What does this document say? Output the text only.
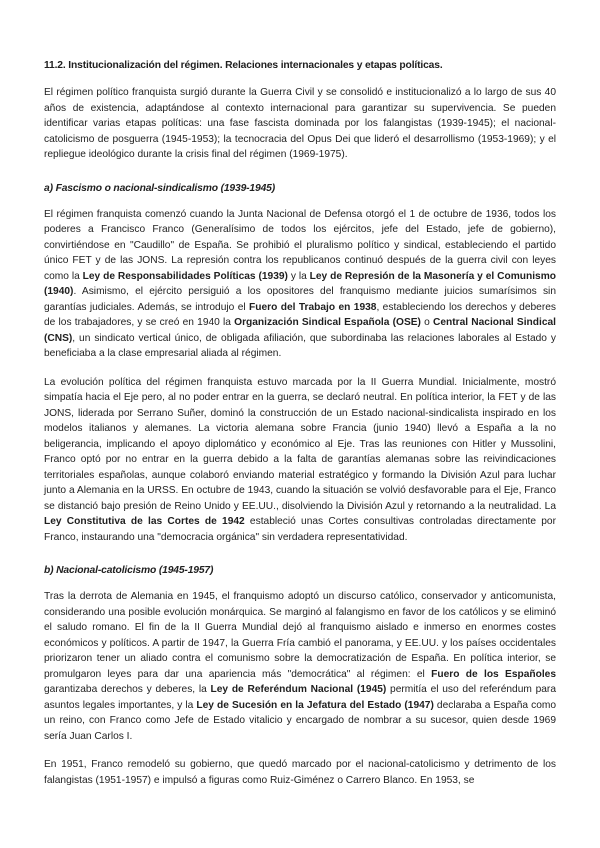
11.2. Institucionalización del régimen. Relaciones internacionales y etapas políticas.

El régimen político franquista surgió durante la Guerra Civil y se consolidó e institucionalizó a lo largo de sus 40 años de existencia, adaptándose al contexto internacional para garantizar su supervivencia. Se pueden identificar varias etapas políticas: una fase fascista dominada por los falangistas (1939-1945); el nacional-catolicismo de posguerra (1945-1953); la tecnocracia del Opus Dei que lideró el desarrollismo (1953-1969); y el repliegue ideológico durante la crisis final del régimen (1969-1975).

a) Fascismo o nacional-sindicalismo (1939-1945)

El régimen franquista comenzó cuando la Junta Nacional de Defensa otorgó el 1 de octubre de 1936, todos los poderes a Francisco Franco (Generalísimo de todos los ejércitos, jefe del Estado, jefe de gobierno), convirtiéndose en "Caudillo" de España. Se prohibió el pluralismo político y sindical, estableciendo el partido único FET y de las JONS. La represión contra los republicanos continuó después de la guerra civil con leyes como la Ley de Responsabilidades Políticas (1939) y la Ley de Represión de la Masonería y el Comunismo (1940). Asimismo, el ejército persiguió a los opositores del franquismo mediante juicios sumarísimos sin garantías judiciales. Además, se introdujo el Fuero del Trabajo en 1938, estableciendo los derechos y deberes de los trabajadores, y se creó en 1940 la Organización Sindical Española (OSE) o Central Nacional Sindical (CNS), un sindicato vertical único, de obligada afiliación, que subordinaba las relaciones laborales al Estado y beneficiaba a la clase empresarial aliada al régimen.

La evolución política del régimen franquista estuvo marcada por la II Guerra Mundial. Inicialmente, mostró simpatía hacia el Eje pero, al no poder entrar en la guerra, se declaró neutral. En política interior, la FET y de las JONS, liderada por Serrano Suñer, dominó la construcción de un Estado nacional-sindicalista inspirado en los modelos italianos y alemanes. La victoria alemana sobre Francia (junio 1940) llevó a España a la no beligerancia, implicando el apoyo diplomático y económico al Eje. Tras las reuniones con Hitler y Mussolini, Franco optó por no entrar en la guerra debido a la falta de garantías alemanas sobre las reivindicaciones territoriales españolas, aunque colaboró enviando material estratégico y formando la División Azul para luchar junto a Alemania en la URSS. En octubre de 1943, cuando la situación se volvió desfavorable para el Eje, Franco se distanció bajo presión de Reino Unido y EE.UU., disolviendo la División Azul y retornando a la neutralidad. La Ley Constitutiva de las Cortes de 1942 estableció unas Cortes consultivas controladas directamente por Franco, instaurando una "democracia orgánica" sin verdadera representatividad.

b) Nacional-catolicismo (1945-1957)

Tras la derrota de Alemania en 1945, el franquismo adoptó un discurso católico, conservador y anticomunista, considerando una posible evolución monárquica. Se marginó al falangismo en favor de los católicos y se eliminó el saludo romano. El fin de la II Guerra Mundial dejó al franquismo aislado e inmerso en enormes costes económicos y políticos. A partir de 1947, la Guerra Fría cambió el panorama, y EE.UU. y los países occidentales priorizaron tener un aliado contra el comunismo sobre la democratización de España. En política interior, se promulgaron leyes para dar una apariencia más "democrática" al régimen: el Fuero de los Españoles garantizaba derechos y deberes, la Ley de Referéndum Nacional (1945) permitía el uso del referéndum para asuntos legales importantes, y la Ley de Sucesión en la Jefatura del Estado (1947) declaraba a España como un reino, con Franco como Jefe de Estado vitalicio y encargado de nombrar a su sucesor, quien desde 1969 sería Juan Carlos I.

En 1951, Franco remodeló su gobierno, que quedó marcado por el nacional-catolicismo y detrimento de los falangistas (1951-1957) e impulsó a figuras como Ruiz-Giménez o Carrero Blanco. En 1953, se
